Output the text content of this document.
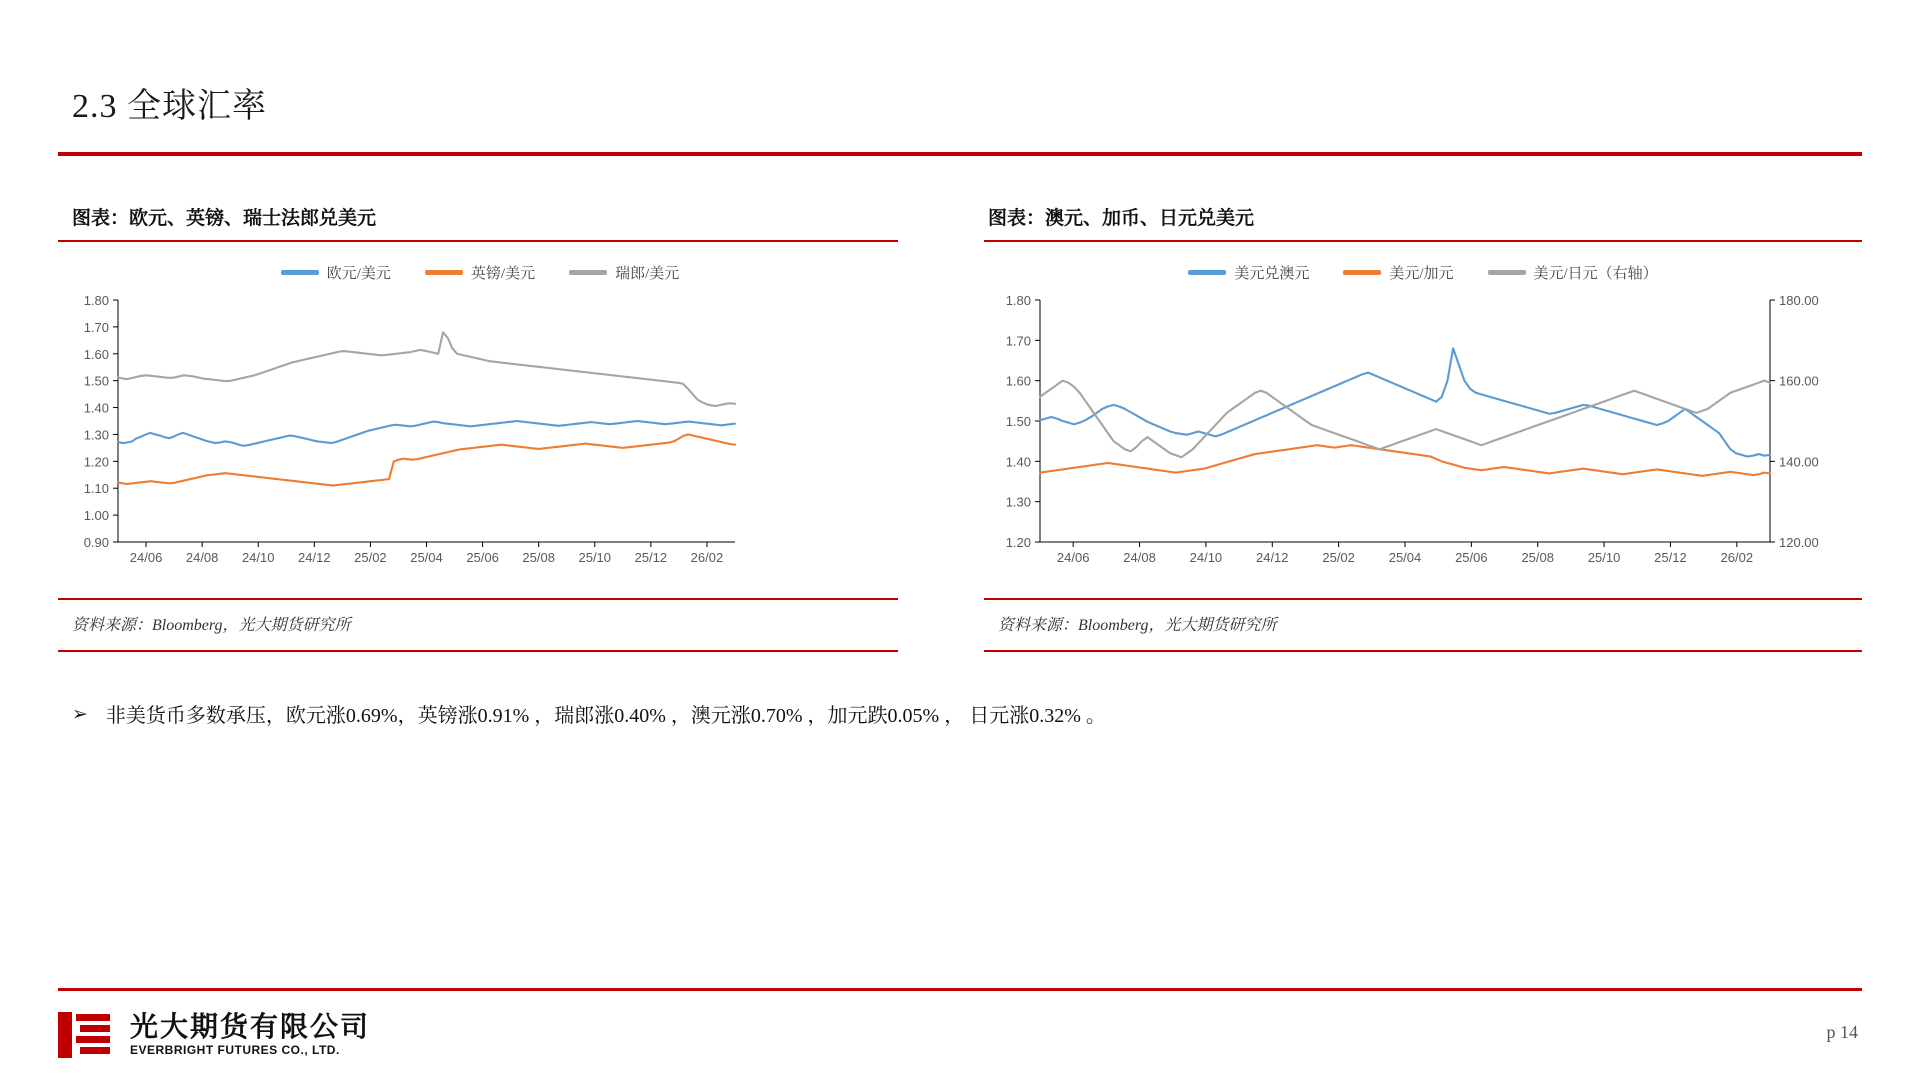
2.3 全球汇率
图表：欧元、英镑、瑞士法郎兑美元
欧元/美元	英镑/美元	瑞郎/美元
0.90
1.00
1.10
1.20
1.30
1.40
1.50
1.60
1.70
1.80
24/06 24/08 24/10 24/12 25/02 25/04 25/06 25/08 25/10 25/12 26/02
资料来源：Bloomberg，光大期货研究所
图表：澳元、加币、日元兑美元
美元兑澳元	美元/加元	美元/日元（右轴）
1.20
1.30
1.40
1.50
1.60
1.70
1.80
120.00
140.00
160.00
180.00
24/06	24/08	24/10	24/12	25/02	25/04	25/06	25/08	25/10	25/12	26/02
资料来源：Bloomberg，光大期货研究所
➢ 非美货币多数承压，欧元涨0.69%，英镑涨0.91% ，瑞郎涨0.40% ，澳元涨0.70% ，加元跌0.05% ， 日元涨0.32% 。
光大期货有限公司
EVERBRIGHT FUTURES CO., LTD.
p 14
